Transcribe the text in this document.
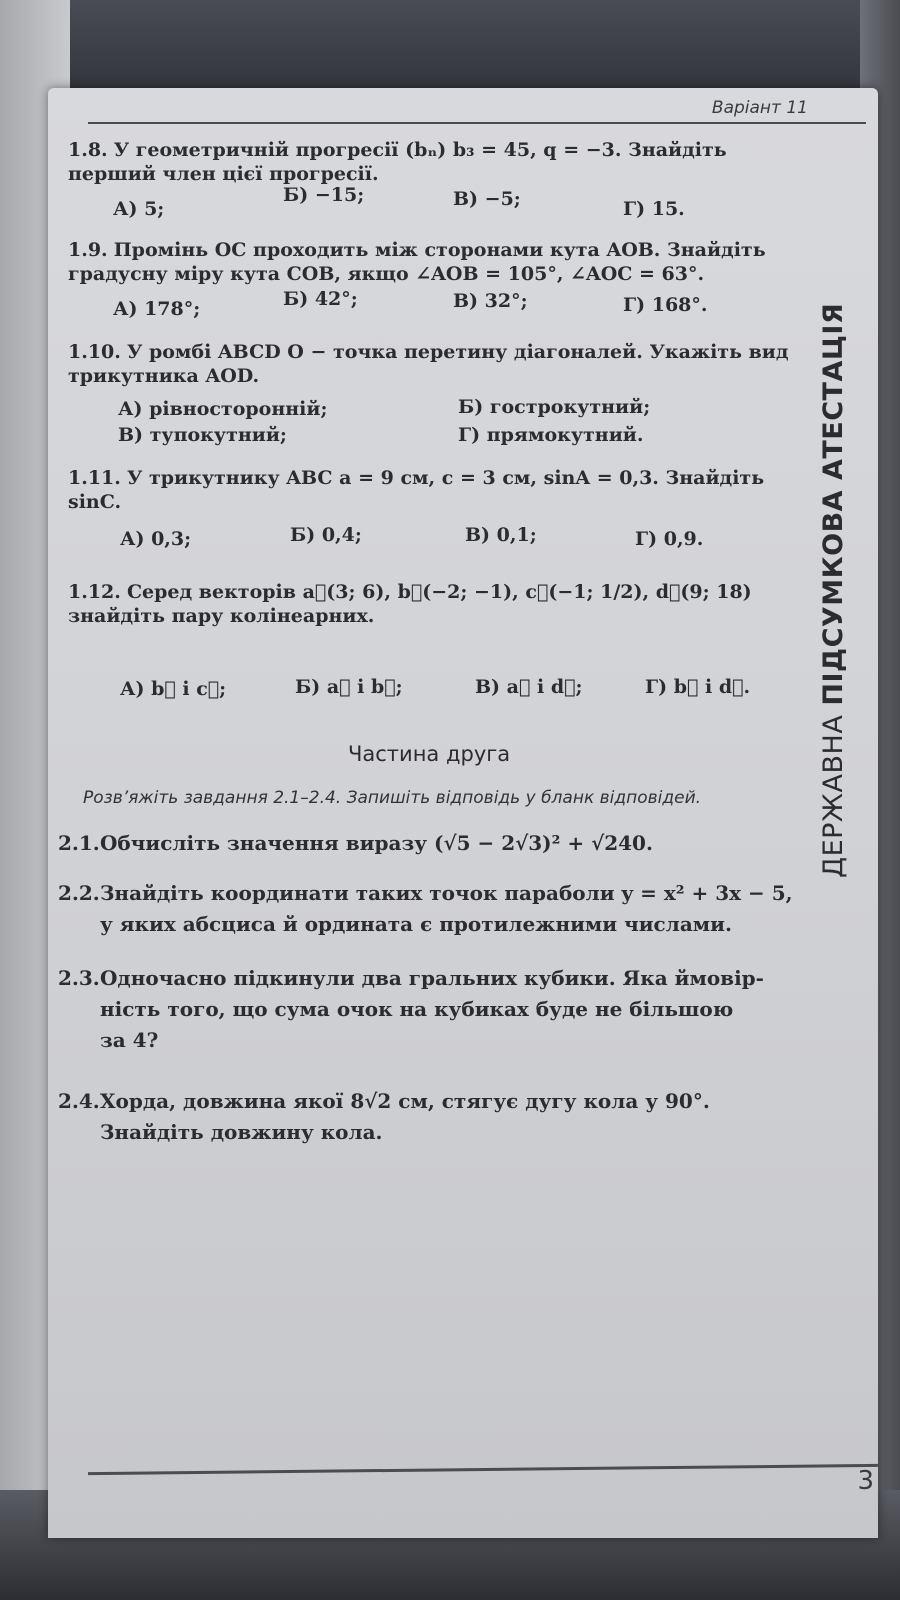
Варіант 11
ДЕРЖАВНА ПІДСУМКОВА АТЕСТАЦІЯ
1.8. У геометричній прогресії (bₙ) b₃ = 45, q = −3. Знайдіть перший член цієї прогресії.
А) 5;
Б) −15;	В) −5;	Г) 15.
1.9. Промінь OC проходить між сторонами кута AOB. Знайдіть градусну міру кута COB, якщо ∠AOB = 105°, ∠AOC = 63°.
А) 178°;	Б) 42°;	В) 32°;	Г) 168°.
1.10. У ромбі ABCD O − точка перетину діагоналей. Укажіть вид трикутника AOD.
А) рівносторонній;	Б) гострокутний;
В) тупокутний;	Г) прямокутний.
1.11. У трикутнику ABC a = 9 см, c = 3 см, sinA = 0,3. Знайдіть sinC.
А) 0,3;	Б) 0,4;	В) 0,1;	Г) 0,9.
1.12. Серед векторів a⃗(3; 6), b⃗(−2; −1), c⃗(−1; 1/2), d⃗(9; 18) знайдіть пару колінеарних.
А) b⃗ і c⃗;	Б) a⃗ і b⃗;	В) a⃗ і d⃗;	Г) b⃗ і d⃗.
Частина друга
Розв’яжіть завдання 2.1–2.4. Запишіть відповідь у бланк відповідей.
2.1.Обчисліть значення виразу (√5 − 2√3)² + √240.
2.2.Знайдіть координати таких точок параболи y = x² + 3x − 5,
у яких абсциса й ордината є протилежними числами.
2.3.Одночасно підкинули два гральних кубики. Яка ймовір-
ність того, що сума очок на кубиках буде не більшою
за 4?
2.4.Хорда, довжина якої 8√2 см, стягує дугу кола у 90°.
Знайдіть довжину кола.
3
